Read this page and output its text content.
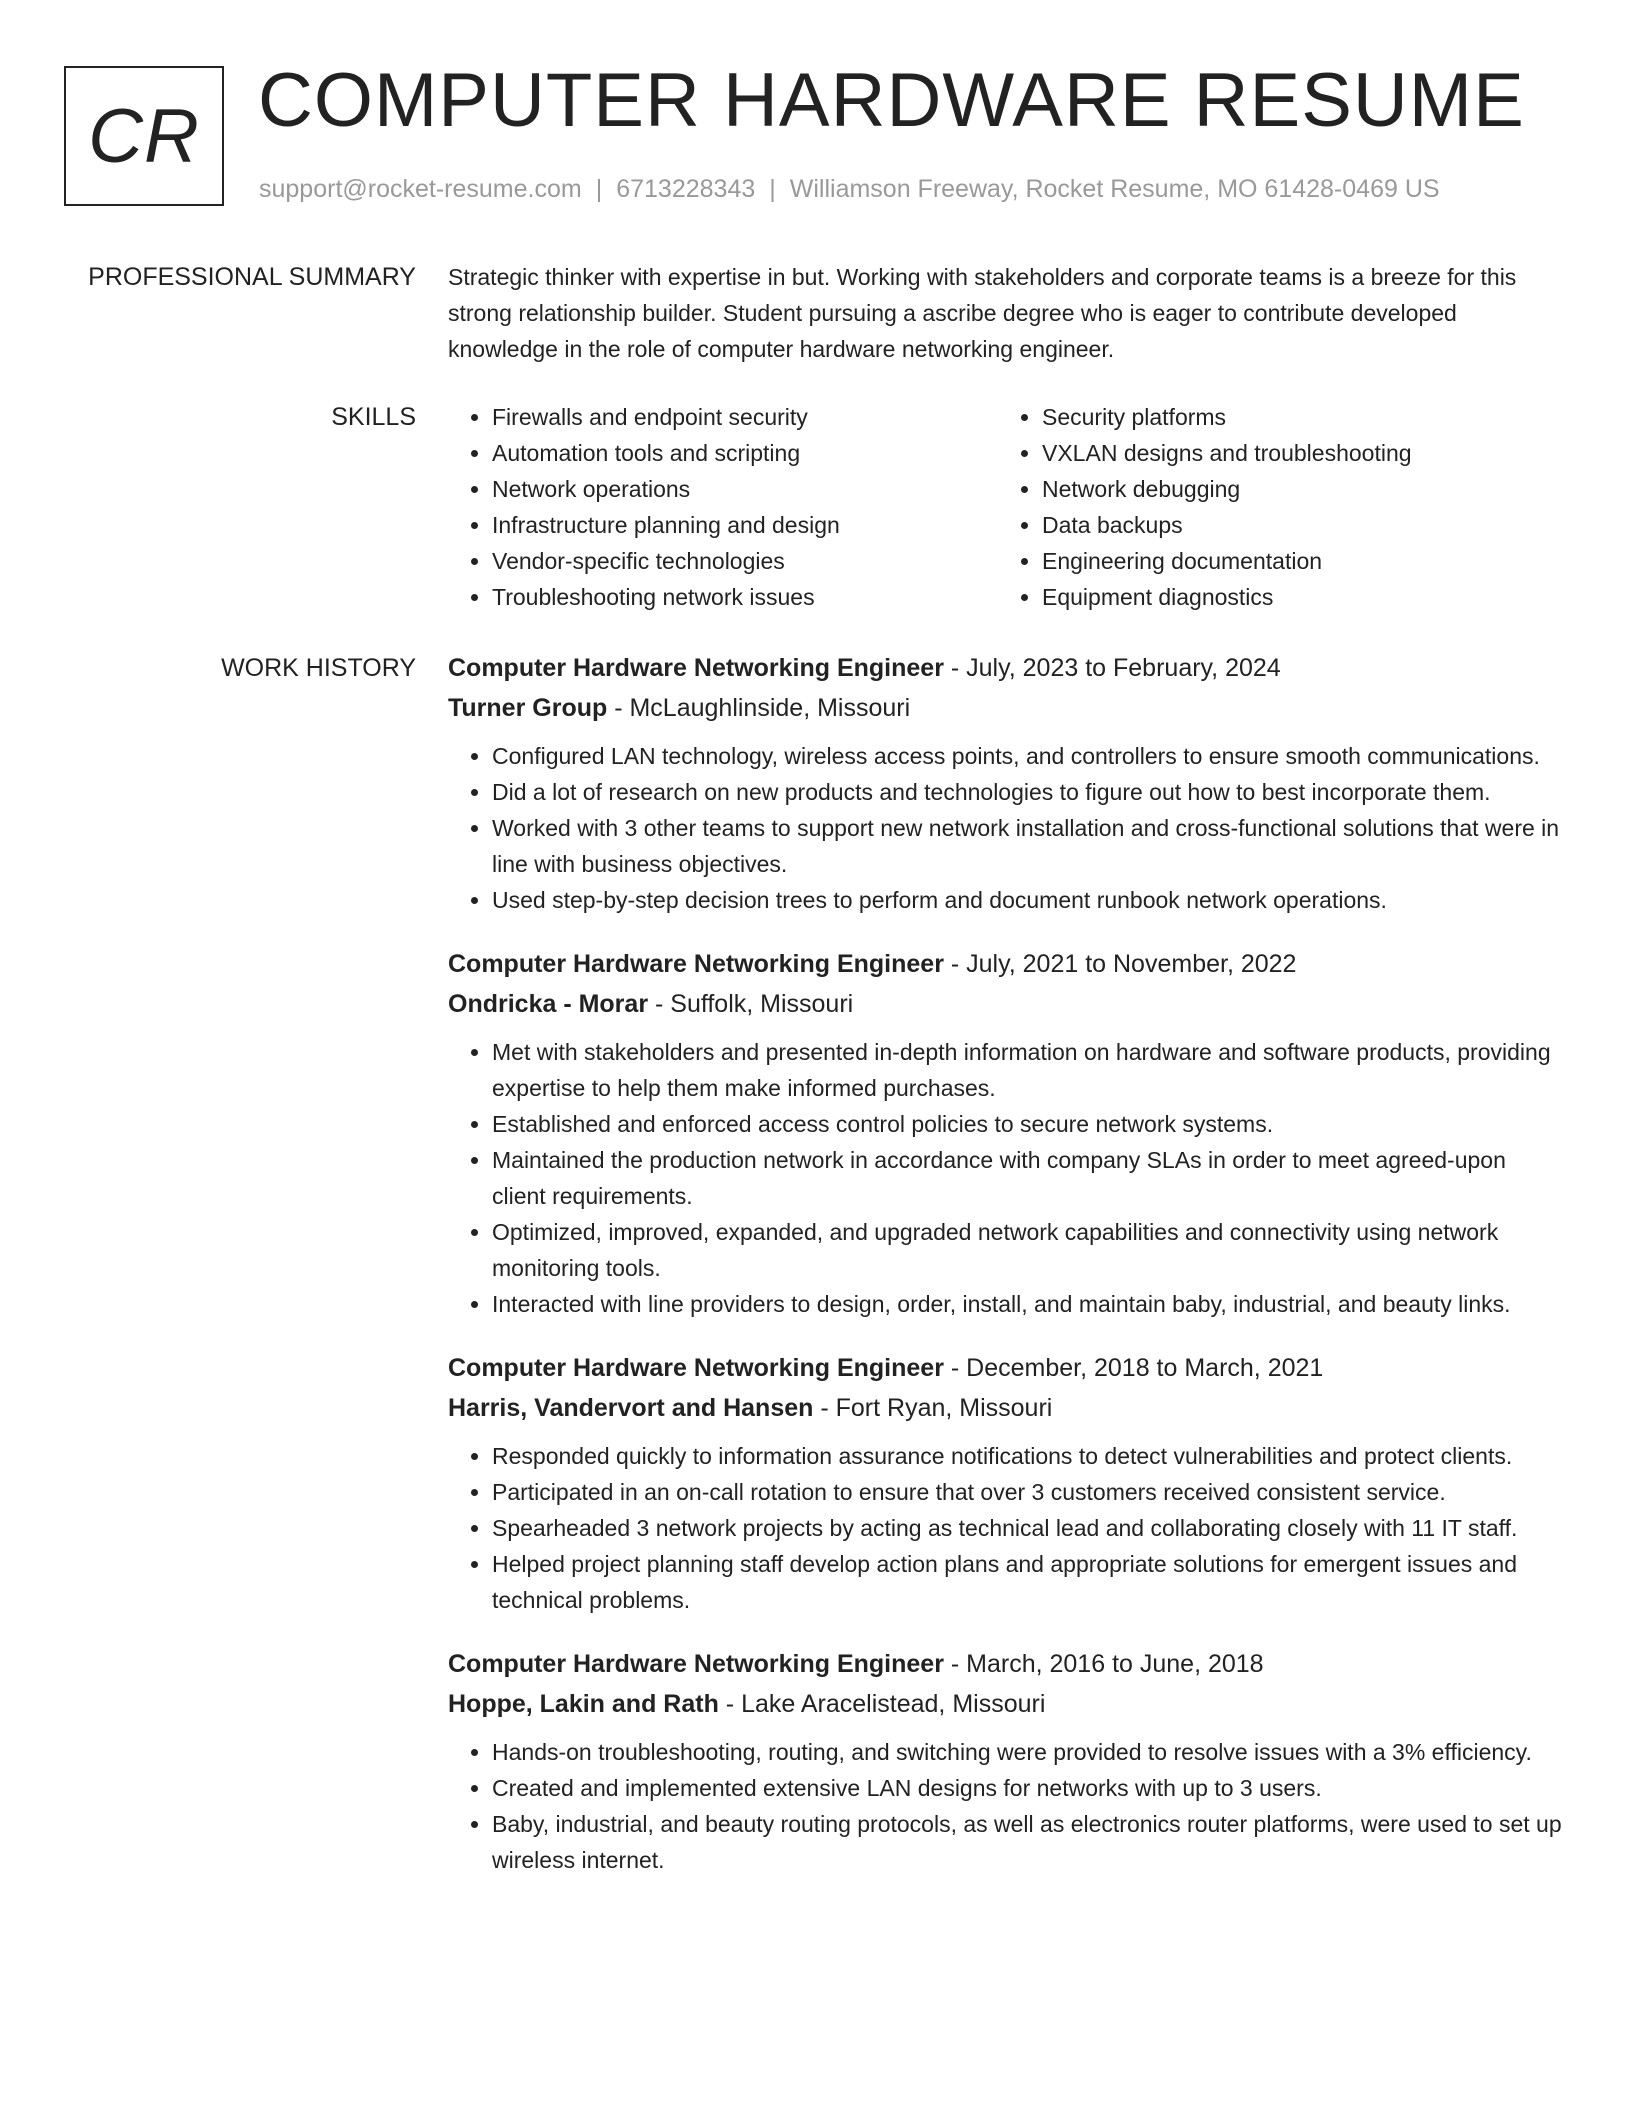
CR COMPUTER HARDWARE RESUME
support@rocket-resume.com | 6713228343 | Williamson Freeway, Rocket Resume, MO 61428-0469 US
PROFESSIONAL SUMMARY Strategic thinker with expertise in but. Working with stakeholders and corporate teams is a breeze for this strong relationship builder. Student pursuing a ascribe degree who is eager to contribute developed knowledge in the role of computer hardware networking engineer.

SKILLS
•	Firewalls and endpoint security
• Automation tools and scripting
• Network operations
• Infrastructure planning and design
• Vendor-specific technologies
• Troubleshooting network issues
• Security platforms
• VXLAN designs and troubleshooting
• Network debugging
• Data backups
• Engineering documentation
• Equipment diagnostics
WORK HISTORY Computer Hardware Networking Engineer - July, 2023 to February, 2024
Turner Group - McLaughlinside, Missouri
• Configured LAN technology, wireless access points, and controllers to ensure smooth communications.
• Did a lot of research on new products and technologies to figure out how to best incorporate them.
• Worked with 3 other teams to support new network installation and cross-functional solutions that were in line with business objectives.
• Used step-by-step decision trees to perform and document runbook network operations.
Computer Hardware Networking Engineer - July, 2021 to November, 2022
Ondricka - Morar - Suffolk, Missouri
• Met with stakeholders and presented in-depth information on hardware and software products, providing expertise to help them make informed purchases.
• Established and enforced access control policies to secure network systems.
• Maintained the production network in accordance with company SLAs in order to meet agreed-upon client requirements.
• Optimized, improved, expanded, and upgraded network capabilities and connectivity using network monitoring tools.
• Interacted with line providers to design, order, install, and maintain baby, industrial, and beauty links.
Computer Hardware Networking Engineer - December, 2018 to March, 2021
Harris, Vandervort and Hansen - Fort Ryan, Missouri
• Responded quickly to information assurance notifications to detect vulnerabilities and protect clients.
• Participated in an on-call rotation to ensure that over 3 customers received consistent service.
• Spearheaded 3 network projects by acting as technical lead and collaborating closely with 11 IT staff.
• Helped project planning staff develop action plans and appropriate solutions for emergent issues and technical problems.
Computer Hardware Networking Engineer - March, 2016 to June, 2018
Hoppe, Lakin and Rath - Lake Aracelistead, Missouri
• Hands-on troubleshooting, routing, and switching were provided to resolve issues with a 3% efficiency.
• Created and implemented extensive LAN designs for networks with up to 3 users.
• Baby, industrial, and beauty routing protocols, as well as electronics router platforms, were used to set up wireless internet.
